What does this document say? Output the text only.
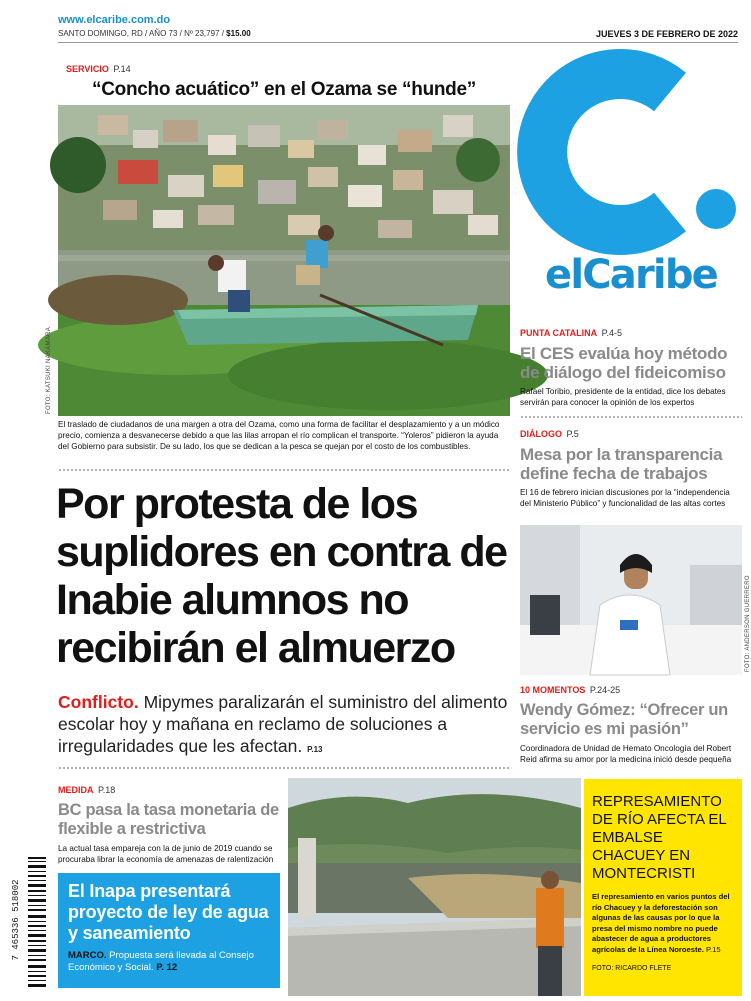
www.elcaribe.com.do
SANTO DOMINGO, RD / AÑO 73 / Nº 23,797 / $15.00	JUEVES 3 DE FEBRERO DE 2022
SERVICIO P.14
“Concho acuático” en el Ozama se “hunde”
FOTO: KATSUKI NAKAMARA
El traslado de ciudadanos de una margen a otra del Ozama, como una forma de facilitar el desplazamiento y a un módico precio, comienza a desvanecerse debido a que las lilas arropan el río complican el transporte. “Yoleros” pidieron la ayuda del Gobierno para subsistir. De su lado, los que se dedican a la pesca se quejan por el costo de los combustibles.
Por protesta de los suplidores en contra de Inabie alumnos no recibirán el almuerzo
Conflicto. Mipymes paralizarán el suministro del alimento escolar hoy y mañana en reclamo de soluciones a irregularidades que les afectan. P.13
elCaribe
PUNTA CATALINA P.4-5
El CES evalúa hoy método de diálogo del fideicomiso
Rafael Toribio, presidente de la entidad, dice los debates servirán para conocer la opinión de los expertos
DIÁLOGO P.5
Mesa por la transparencia define fecha de trabajos
El 16 de febrero inician discusiones por la “independencia del Ministerio Público” y funcionalidad de las altas cortes
FOTO: ANDERSON GUERRERO
10 MOMENTOS P.24-25
Wendy Gómez: “Ofrecer un servicio es mi pasión”
Coordinadora de Unidad de Hemato Oncología del Robert Reid afirma su amor por la medicina inició desde pequeña
MEDIDA P.18
BC pasa la tasa monetaria de flexible a restrictiva
La actual tasa empareja con la de junio de 2019 cuando se procuraba librar la economía de amenazas de ralentización
El Inapa presentará proyecto de ley de agua y saneamiento
MARCO. Propuesta será llevada al Consejo Económico y Social. P. 12
REPRESAMIENTO DE RÍO AFECTA EL EMBALSE CHACUEY EN MONTECRISTI
El represamiento en varios puntos del río Chacuey y la deforestación son algunas de las causas por lo que la presa del mismo nombre no puede abastecer de agua a productores agrícolas de la Línea Noroeste. P.15
FOTO: RICARDO FLETE
7 465336 518002
